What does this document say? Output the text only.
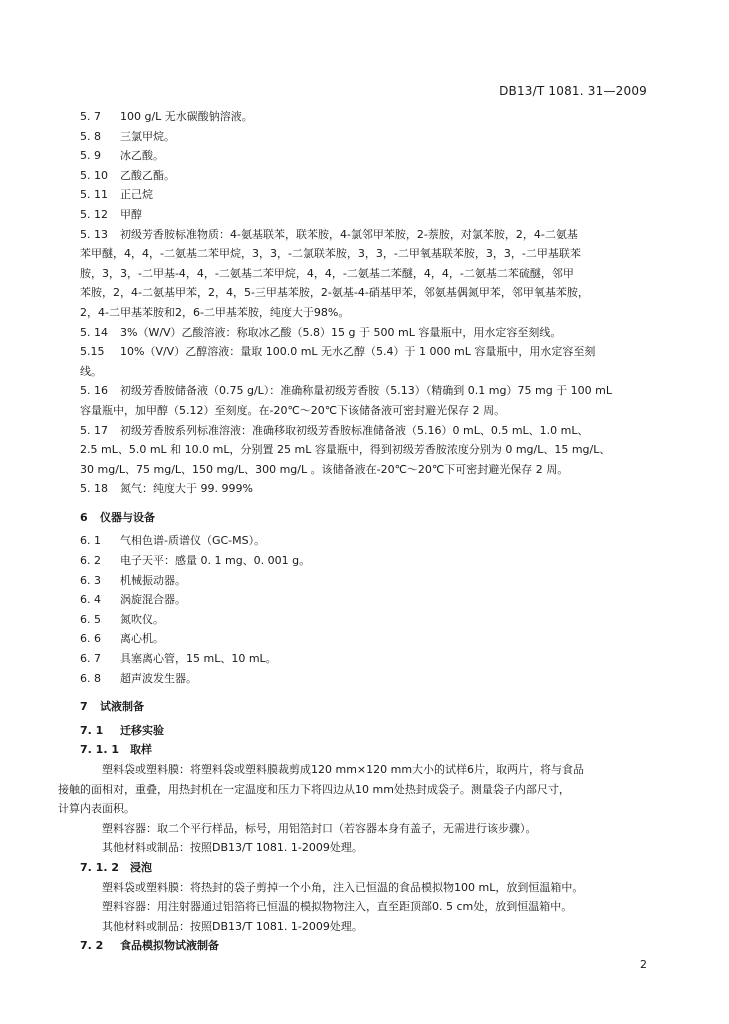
DB13/T 1081. 31—2009
5. 7	100 g/L 无水碳酸钠溶液。
5. 8	三氯甲烷。
5. 9	冰乙酸。
5. 10	乙酸乙酯。
5. 11	正己烷
5. 12	甲醇
5. 13	初级芳香胺标准物质：4-氨基联苯，联苯胺，4-氯邻甲苯胺，2-萘胺，对氯苯胺，2，4-二氨基
苯甲醚，4，4，-二氨基二苯甲烷，3，3，-二氯联苯胺，3，3，-二甲氧基联苯胺，3，3，-二甲基联苯
胺，3，3，-二甲基-4，4，-二氨基二苯甲烷，4，4，-二氨基二苯醚，4，4，-二氨基二苯硫醚，邻甲
苯胺，2，4-二氨基甲苯，2，4，5-三甲基苯胺，2-氨基-4-硝基甲苯，邻氨基偶氮甲苯，邻甲氧基苯胺，
2，4-二甲基苯胺和2，6-二甲基苯胺，纯度大于98%。
5. 14	3%（W/V）乙酸溶液：称取冰乙酸（5.8）15 g 于 500 mL 容量瓶中，用水定容至刻线。
5.15	10%（V/V）乙醇溶液：量取 100.0 mL 无水乙醇（5.4）于 1 000 mL 容量瓶中，用水定容至刻
线。
5. 16	初级芳香胺储备液（0.75 g/L）：准确称量初级芳香胺（5.13）（精确到 0.1 mg）75 mg 于 100 mL
容量瓶中，加甲醇（5.12）至刻度。在-20℃～20℃下该储备液可密封避光保存 2 周。
5. 17	初级芳香胺系列标准溶液：准确移取初级芳香胺标准储备液（5.16）0 mL、0.5 mL、1.0 mL、
2.5 mL、5.0 mL 和 10.0 mL，分别置 25 mL 容量瓶中，得到初级芳香胺浓度分别为 0 mg/L、15 mg/L、
30 mg/L、75 mg/L、150 mg/L、300 mg/L 。该储备液在-20℃～20℃下可密封避光保存 2 周。
5. 18	氮气：纯度大于 99. 999%
6	仪器与设备
6. 1	气相色谱-质谱仪（GC-MS）。
6. 2	电子天平：感量 0. 1 mg、0. 001 g。
6. 3	机械振动器。
6. 4	涡旋混合器。
6. 5	氮吹仪。
6. 6	离心机。
6. 7	具塞离心管，15 mL、10 mL。
6. 8	超声波发生器。
7	试液制备
7. 1	迁移实验
7. 1. 1	取样
塑料袋或塑料膜：将塑料袋或塑料膜裁剪成120 mm×120 mm大小的试样6片，取两片，将与食品
接触的面相对，重叠，用热封机在一定温度和压力下将四边从10 mm处热封成袋子。测量袋子内部尺寸，
计算内表面积。
塑料容器：取二个平行样品，标号，用铝箔封口（若容器本身有盖子，无需进行该步骤）。
其他材料或制品：按照DB13/T 1081. 1-2009处理。
7. 1. 2	浸泡
塑料袋或塑料膜：将热封的袋子剪掉一个小角，注入已恒温的食品模拟物100 mL，放到恒温箱中。
塑料容器：用注射器通过铝箔将已恒温的模拟物物注入，直至距顶部0. 5 cm处，放到恒温箱中。
其他材料或制品：按照DB13/T 1081. 1-2009处理。
7. 2	食品模拟物试液制备
2
